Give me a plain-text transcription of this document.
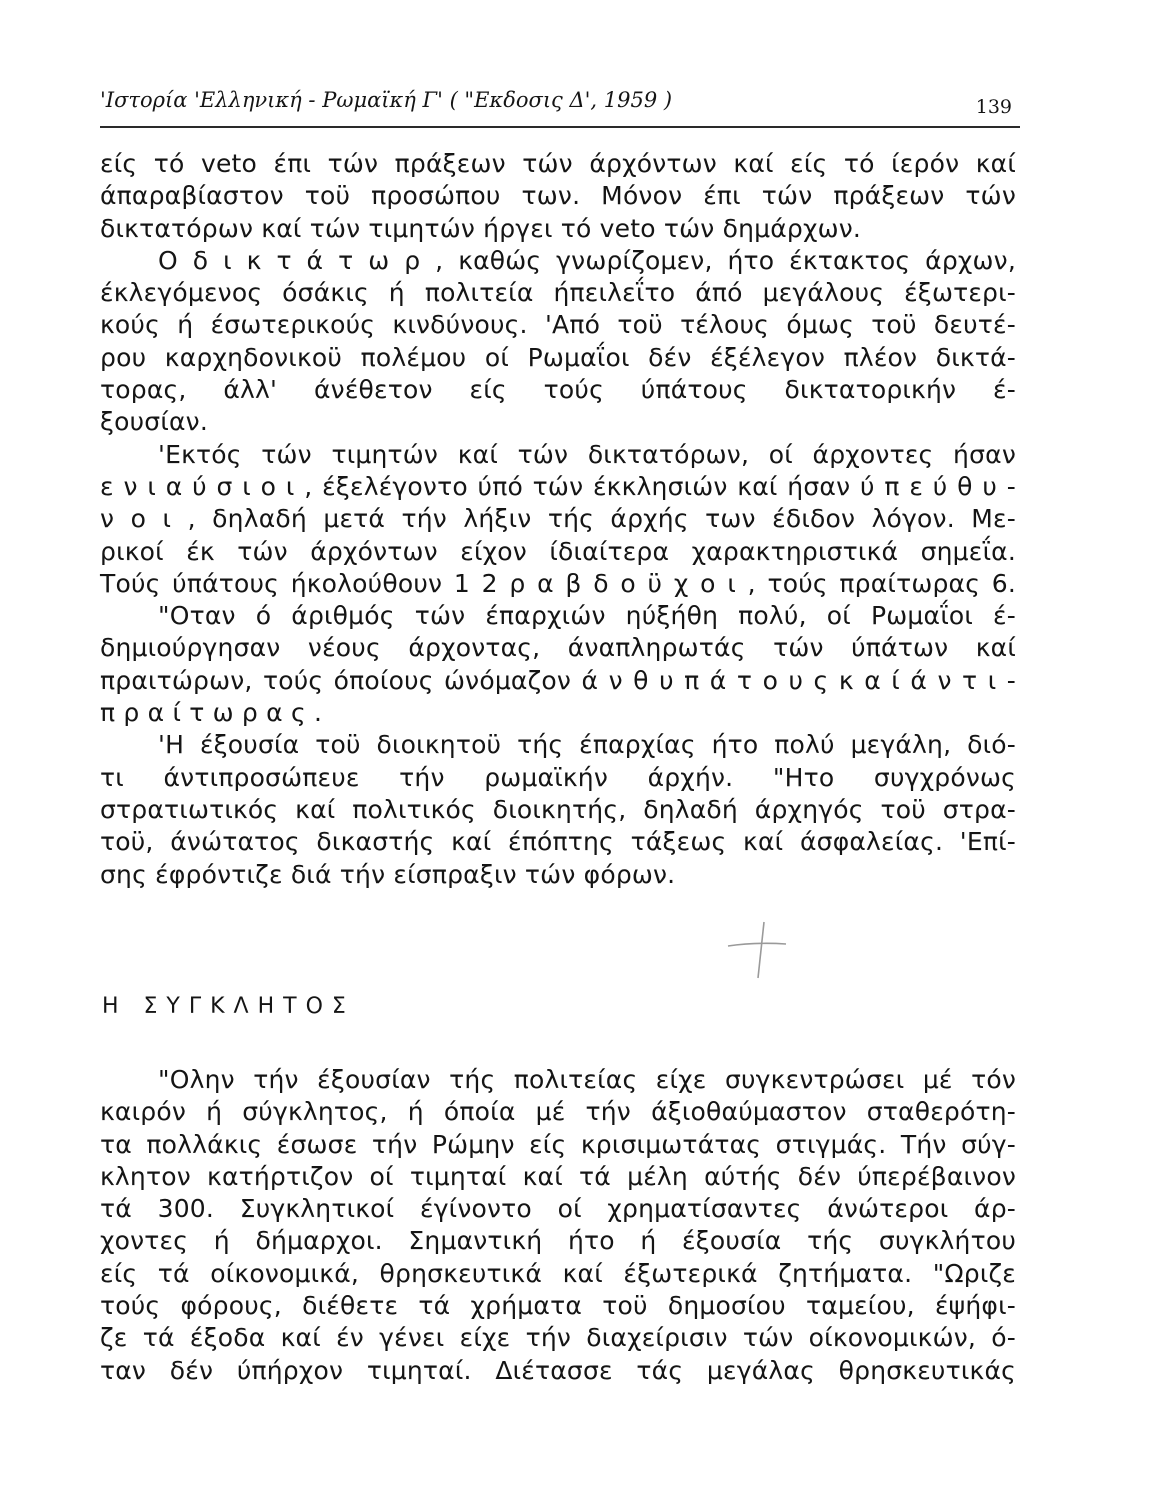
'Ιστορία 'Ελληνική - Ρωμαϊκή Γ' ( "Εκδοσις Δ', 1959 )	139
είς τό veto έπι τών πράξεων τών άρχόντων καί είς τό ίερόν καί
άπαραβίαστον τοϋ προσώπου των. Μόνον έπι τών πράξεων τών
δικτατόρων καί τών τιμητών ήργει τό veto τών δημάρχων.
Ο δ ι κ τ ά τ ω ρ , καθώς γνωρίζομεν, ήτο έκτακτος άρχων,
έκλεγόμενος όσάκις ή πολιτεία ήπειλεΐτο άπό μεγάλους έξωτερι-
κούς ή έσωτερικούς κινδύνους. 'Από τοϋ τέλους όμως τοϋ δευτέ-
ρου καρχηδονικοϋ πολέμου οί Ρωμαΐοι δέν έξέλεγον πλέον δικτά-
τορας, άλλ' άνέθετον είς τούς ύπάτους δικτατορικήν έ-
ξουσίαν.
'Εκτός τών τιμητών καί τών δικτατόρων, οί άρχοντες ήσαν
ε ν ι α ύ σ ι ο ι , έξελέγοντο ύπό τών έκκλησιών καί ήσαν ύ π ε ύ θ υ -
ν ο ι , δηλαδή μετά τήν λήξιν τής άρχής των έδιδον λόγον. Με-
ρικοί έκ τών άρχόντων είχον ίδιαίτερα χαρακτηριστικά σημεΐα.
Τούς ύπάτους ήκολούθουν 1 2 ρ α β δ ο ϋ χ ο ι , τούς πραίτωρας 6.
"Οταν ό άριθμός τών έπαρχιών ηύξήθη πολύ, οί Ρωμαΐοι έ-
δημιούργησαν νέους άρχοντας, άναπληρωτάς τών ύπάτων καί
πραιτώρων, τούς όποίους ώνόμαζον ά ν θ υ π ά τ ο υ ς κ α ί ά ν τ ι -
π ρ α ί τ ω ρ α ς .
'Η έξουσία τοϋ διοικητοϋ τής έπαρχίας ήτο πολύ μεγάλη, διό-
τι άντιπροσώπευε τήν ρωμαϊκήν άρχήν. "Ητο συγχρόνως
στρατιωτικός καί πολιτικός διοικητής, δηλαδή άρχηγός τοϋ στρα-
τοϋ, άνώτατος δικαστής καί έπόπτης τάξεως καί άσφαλείας. 'Επί-
σης έφρόντιζε διά τήν είσπραξιν τών φόρων.
Η ΣΥΓΚΛΗΤΟΣ
"Ολην τήν έξουσίαν τής πολιτείας είχε συγκεντρώσει μέ τόν
καιρόν ή σύγκλητος, ή όποία μέ τήν άξιοθαύμαστον σταθερότη-
τα πολλάκις έσωσε τήν Ρώμην είς κρισιμωτάτας στιγμάς. Τήν σύγ-
κλητον κατήρτιζον οί τιμηταί καί τά μέλη αύτής δέν ύπερέβαινον
τά 300. Συγκλητικοί έγίνοντο οί χρηματίσαντες άνώτεροι άρ-
χοντες ή δήμαρχοι. Σημαντική ήτο ή έξουσία τής συγκλήτου
είς τά οίκονομικά, θρησκευτικά καί έξωτερικά ζητήματα. "Ωριζε
τούς φόρους, διέθετε τά χρήματα τοϋ δημοσίου ταμείου, έψήφι-
ζε τά έξοδα καί έν γένει είχε τήν διαχείρισιν τών οίκονομικών, ό-
ταν δέν ύπήρχον τιμηταί. Διέτασσε τάς μεγάλας θρησκευτικάς
